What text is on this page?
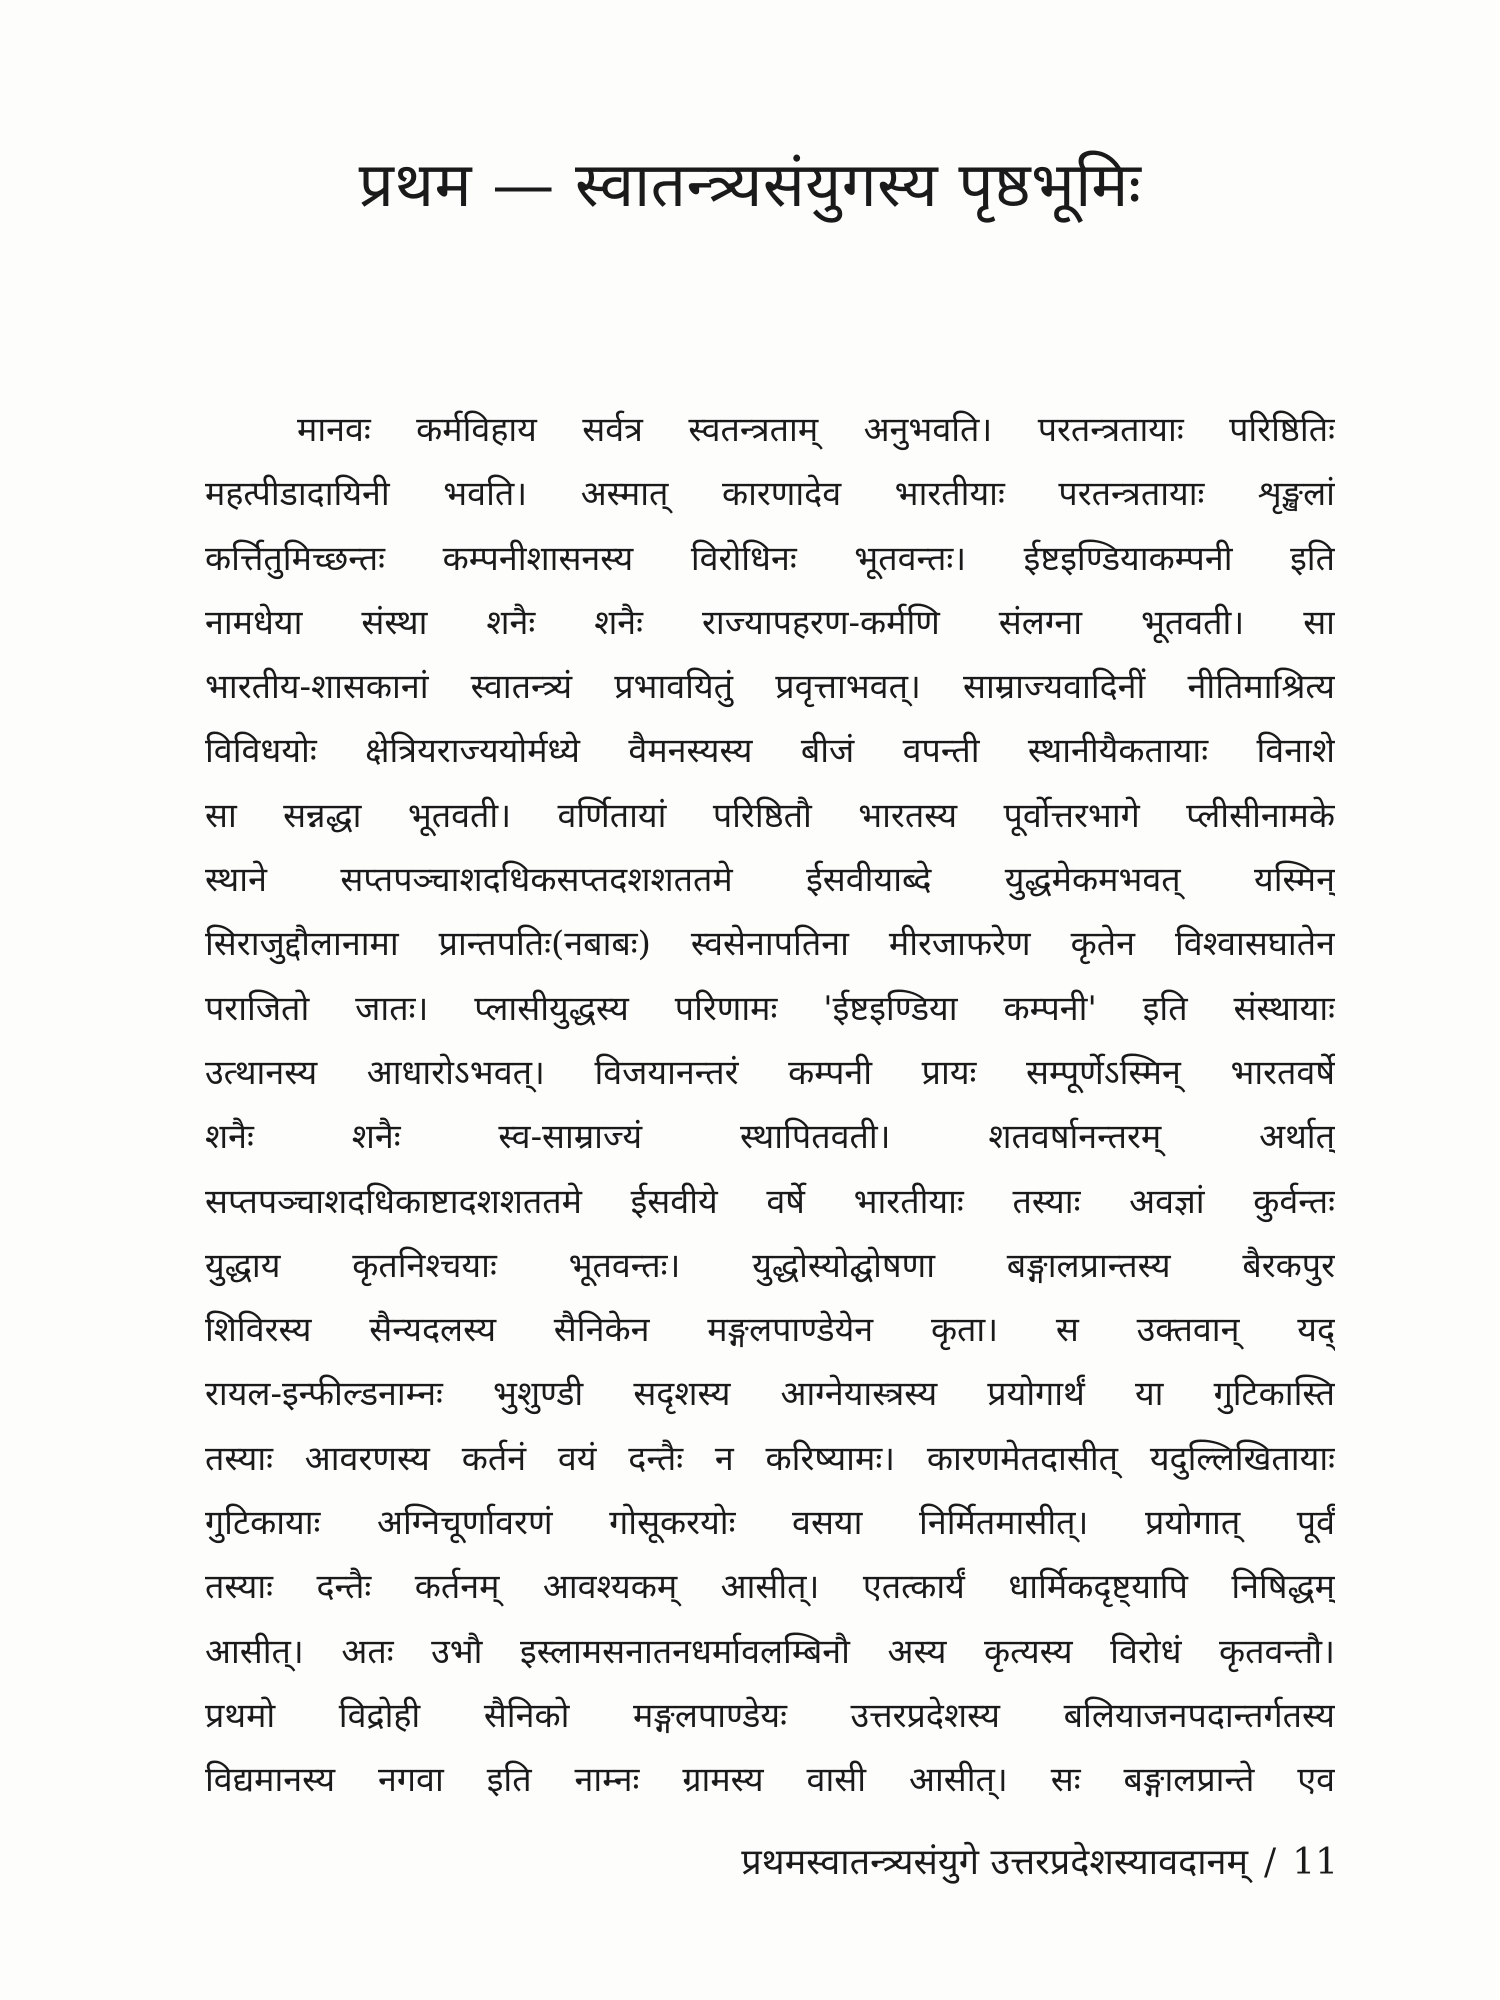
प्रथम — स्वातन्त्र्यसंयुगस्य पृष्ठभूमिः
मानवः कर्मविहाय सर्वत्र स्वतन्त्रताम् अनुभवति। परतन्त्रतायाः परिष्ठितिः
महत्पीडादायिनी भवति। अस्मात् कारणादेव भारतीयाः परतन्त्रतायाः शृङ्खलां
कर्त्तितुमिच्छन्तः कम्पनीशासनस्य विरोधिनः भूतवन्तः। ईष्टइण्डियाकम्पनी इति
नामधेया संस्था शनैः शनैः राज्यापहरण-कर्मणि संलग्ना भूतवती। सा
भारतीय-शासकानां स्वातन्त्र्यं प्रभावयितुं प्रवृत्ताभवत्। साम्राज्यवादिनीं नीतिमाश्रित्य
विविधयोः क्षेत्रियराज्ययोर्मध्ये वैमनस्यस्य बीजं वपन्ती स्थानीयैकतायाः विनाशे
सा सन्नद्धा भूतवती। वर्णितायां परिष्ठितौ भारतस्य पूर्वोत्तरभागे प्लीसीनामके
स्थाने सप्तपञ्चाशदधिकसप्तदशशततमे ईसवीयाब्दे युद्धमेकमभवत् यस्मिन्
सिराजुद्दौलानामा प्रान्तपतिः(नबाबः) स्वसेनापतिना मीरजाफरेण कृतेन विश्वासघातेन
पराजितो जातः। प्लासीयुद्धस्य परिणामः 'ईष्टइण्डिया कम्पनी' इति संस्थायाः
उत्थानस्य आधारोऽभवत्। विजयानन्तरं कम्पनी प्रायः सम्पूर्णेऽस्मिन् भारतवर्षे
शनैः शनैः स्व-साम्राज्यं स्थापितवती। शतवर्षानन्तरम् अर्थात्
सप्तपञ्चाशदधिकाष्टादशशततमे ईसवीये वर्षे भारतीयाः तस्याः अवज्ञां कुर्वन्तः
युद्धाय कृतनिश्चयाः भूतवन्तः। युद्धोस्योद्घोषणा बङ्गालप्रान्तस्य बैरकपुर
शिविरस्य सैन्यदलस्य सैनिकेन मङ्गलपाण्डेयेन कृता। स उक्तवान् यद्
रायल-इन्फील्डनाम्नः भुशुण्डी सदृशस्य आग्नेयास्त्रस्य प्रयोगार्थं या गुटिकास्ति
तस्याः आवरणस्य कर्तनं वयं दन्तैः न करिष्यामः। कारणमेतदासीत् यदुल्लिखितायाः
गुटिकायाः अग्निचूर्णावरणं गोसूकरयोः वसया निर्मितमासीत्। प्रयोगात् पूर्वं
तस्याः दन्तैः कर्तनम् आवश्यकम् आसीत्। एतत्कार्यं धार्मिकदृष्ट्यापि निषिद्धम्
आसीत्। अतः उभौ इस्लामसनातनधर्मावलम्बिनौ अस्य कृत्यस्य विरोधं कृतवन्तौ।
प्रथमो विद्रोही सैनिको मङ्गलपाण्डेयः उत्तरप्रदेशस्य बलियाजनपदान्तर्गतस्य
विद्यमानस्य नगवा इति नाम्नः ग्रामस्य वासी आसीत्। सः बङ्गालप्रान्ते एव
प्रथमस्वातन्त्र्यसंयुगे उत्तरप्रदेशस्यावदानम् / 11
